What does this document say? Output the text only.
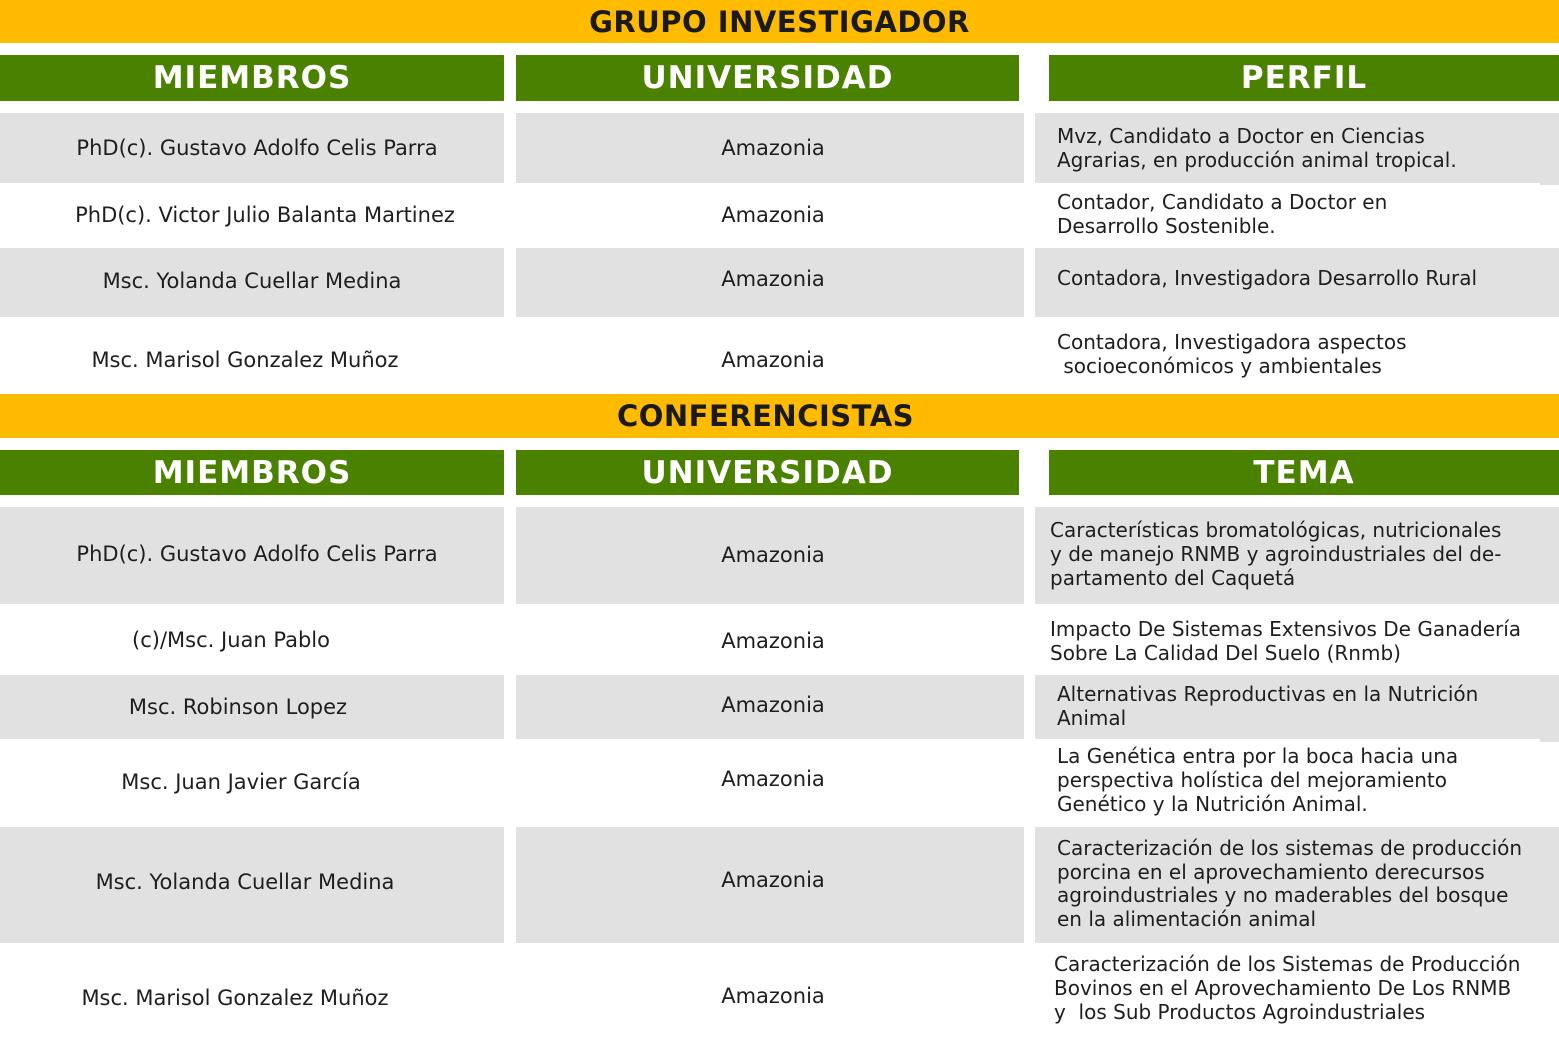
GRUPO INVESTIGADOR
MIEMBROS	UNIVERSIDAD	PERFIL
PhD(c). Gustavo Adolfo Celis Parra	Amazonia	Mvz, Candidato a Doctor en Ciencias
Agrarias, en producción animal tropical.
PhD(c). Victor Julio Balanta Martinez	Amazonia
Contador, Candidato a Doctor en
Desarrollo Sostenible.
Msc. Yolanda Cuellar Medina	Amazonia	Contadora, Investigadora Desarrollo Rural
Msc. Marisol Gonzalez Muñoz	Amazonia
Contadora, Investigadora aspectos
socioeconómicos y ambientales
CONFERENCISTAS
MIEMBROS	UNIVERSIDAD	TEMA
PhD(c). Gustavo Adolfo Celis Parra	Amazonia
Características bromatológicas, nutricionales
y de manejo RNMB y agroindustriales del de-
partamento del Caquetá
(c)/Msc. Juan Pablo	Amazonia	Impacto De Sistemas Extensivos De Ganadería
Sobre La Calidad Del Suelo (Rnmb)
Msc. Robinson Lopez	Amazonia	Alternativas Reproductivas en la Nutrición
Animal
Msc. Juan Javier García	Amazonia
La Genética entra por la boca hacia una
perspectiva holística del mejoramiento
Genético y la Nutrición Animal.
Msc. Yolanda Cuellar Medina	Amazonia
Caracterización de los sistemas de producción
porcina en el aprovechamiento derecursos
agroindustriales y no maderables del bosque
en la alimentación animal
Msc. Marisol Gonzalez Muñoz	Amazonia
Caracterización de los Sistemas de Producción
Bovinos en el Aprovechamiento De Los RNMB
y  los Sub Productos Agroindustriales
